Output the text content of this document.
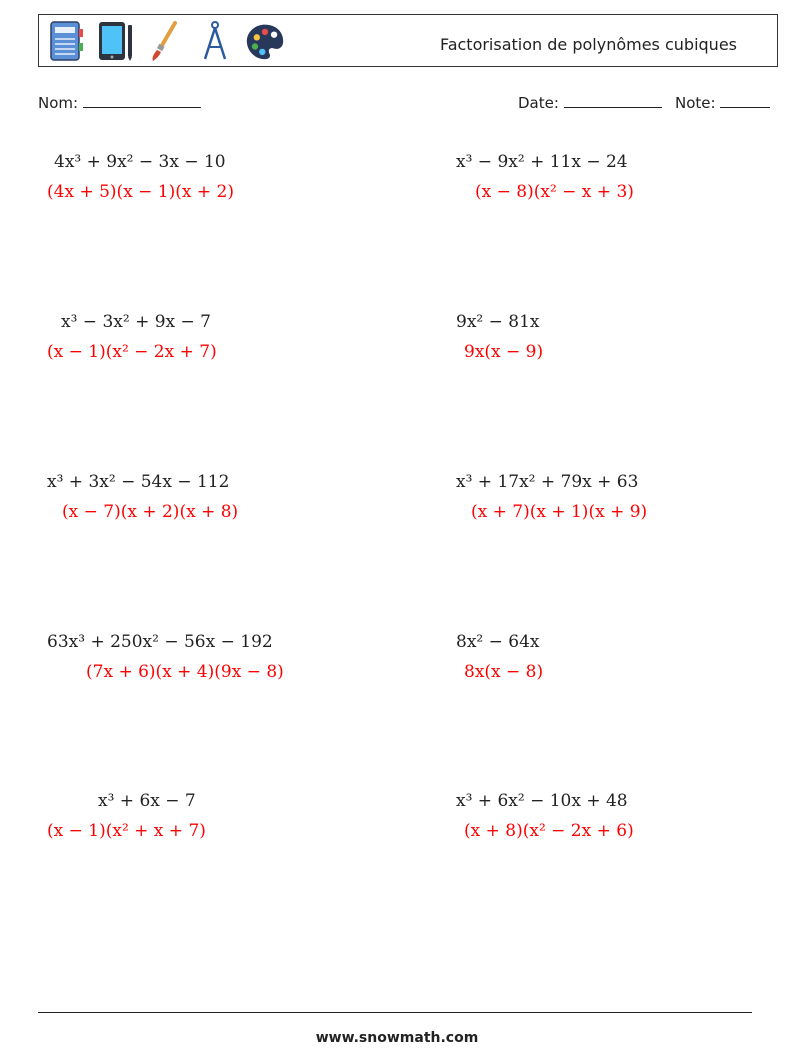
Factorisation de polynômes cubiques
Nom:	Date:	Note:
4x³ + 9x² − 3x − 10
(4x + 5)(x − 1)(x + 2)
x³ − 9x² + 11x − 24
(x − 8)(x² − x + 3)
x³ − 3x² + 9x − 7
(x − 1)(x² − 2x + 7)
9x² − 81x
9x(x − 9)
x³ + 3x² − 54x − 112
(x − 7)(x + 2)(x + 8)
x³ + 17x² + 79x + 63
(x + 7)(x + 1)(x + 9)
63x³ + 250x² − 56x − 192
(7x + 6)(x + 4)(9x − 8)
8x² − 64x
8x(x − 8)
x³ + 6x − 7
(x − 1)(x² + x + 7)
x³ + 6x² − 10x + 48
(x + 8)(x² − 2x + 6)
www.snowmath.com
